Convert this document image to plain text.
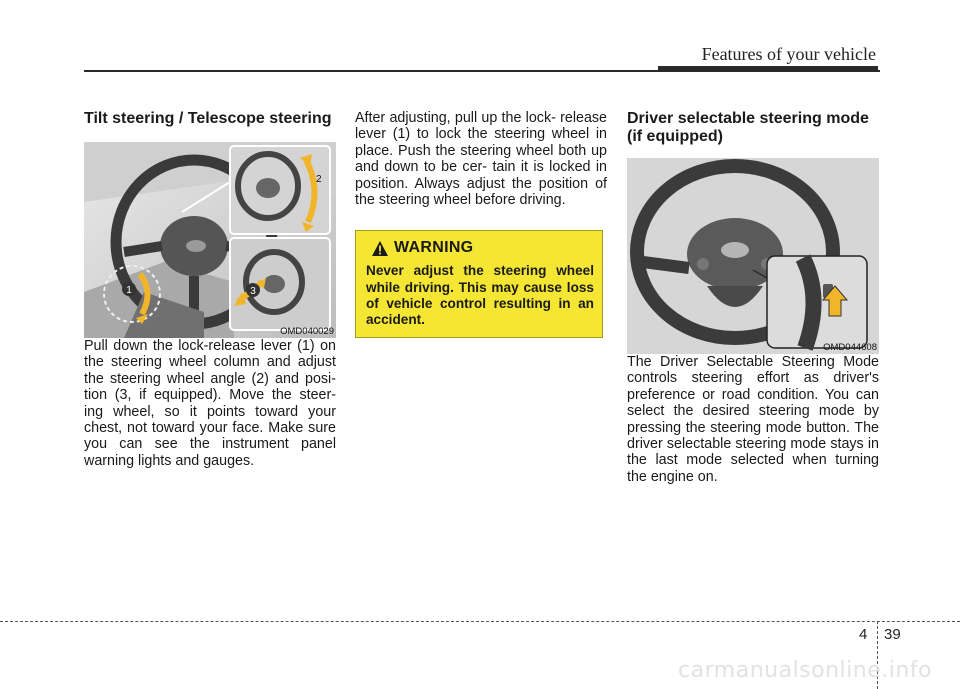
Features of your vehicle
Tilt steering / Telescope steering
1
2
3
OMD040029

Pull down the lock-release lever (1) on the steering wheel column and adjust the steering wheel angle (2) and posi- tion (3, if equipped). Move the steer- ing wheel, so it points toward your chest, not toward your face. Make sure you can see the instrument panel warning lights and gauges.

After adjusting, pull up the lock- release lever (1) to lock the steering wheel in place. Push the steering wheel both up and down to be cer- tain it is locked in position. Always adjust the position of the steering wheel before driving.

WARNING
Never adjust the steering wheel while driving. This may cause loss of vehicle control resulting in an accident.
Driver selectable steering mode (if equipped)
OMD044608

The Driver Selectable Steering Mode controls steering effort as driver's preference or road condition. You can select the desired steering mode by pressing the steering mode button. The driver selectable steering mode stays in the last mode selected when turning the engine on.

4 39
carmanualsonline.info
